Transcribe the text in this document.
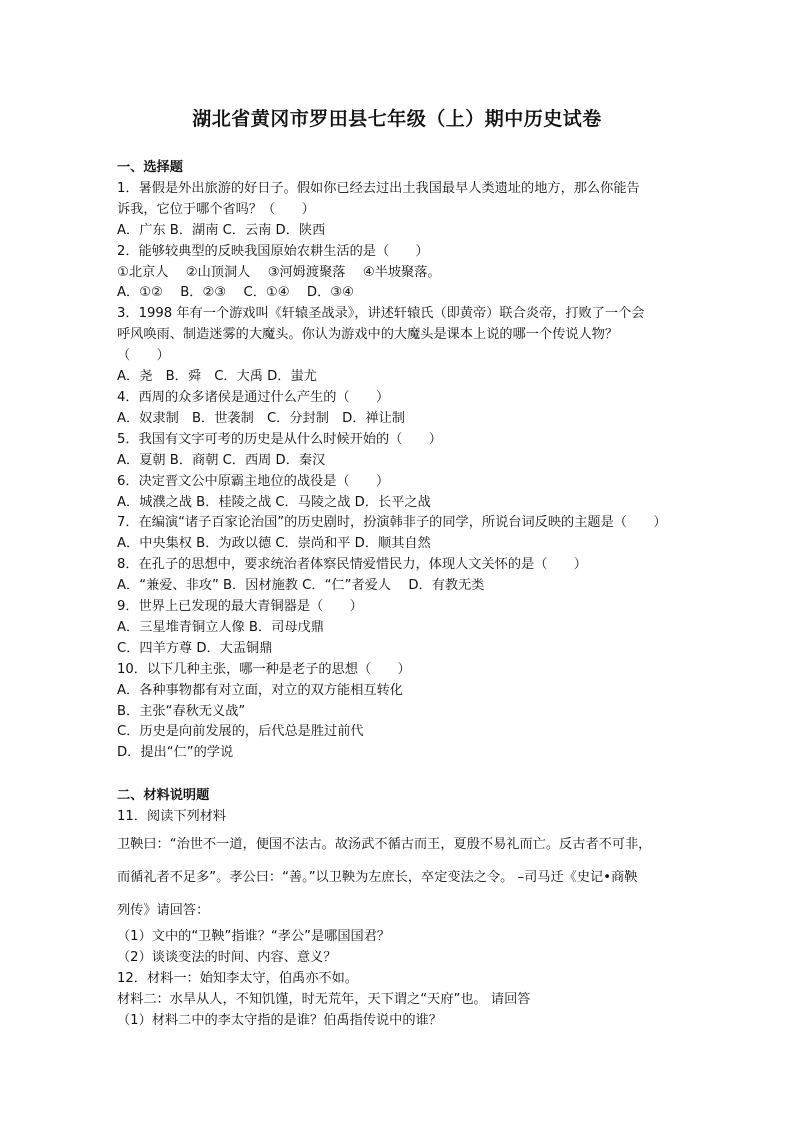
湖北省黄冈市罗田县七年级（上）期中历史试卷
一、选择题
1．暑假是外出旅游的好日子。假如你已经去过出土我国最早人类遗址的地方，那么你能告
诉我，它位于哪个省吗？（　　）
A．广东 B．湖南 C．云南 D．陕西
2．能够较典型的反映我国原始农耕生活的是（　　）
①北京人　 ②山顶洞人　 ③河姆渡聚落　 ④半坡聚落。
A．①②　 B．②③　 C．①④　 D．③④
3．1998 年有一个游戏叫《轩辕圣战录》，讲述轩辕氏（即黄帝）联合炎帝，打败了一个会
呼风唤雨、制造迷雾的大魔头。你认为游戏中的大魔头是课本上说的哪一个传说人物？
（　　）
A．尧　B．舜　C．大禹 D．蚩尤
4．西周的众多诸侯是通过什么产生的（　　）
A．奴隶制　B．世袭制　C．分封制　D．禅让制
5．我国有文字可考的历史是从什么时候开始的（　　）
A．夏朝 B．商朝 C．西周 D．秦汉
6．决定晋文公中原霸主地位的战役是（　　）
A．城濮之战 B．桂陵之战 C．马陵之战 D．长平之战
7．在编演“诸子百家论治国”的历史剧时，扮演韩非子的同学，所说台词反映的主题是（　　）
A．中央集权 B．为政以德 C．崇尚和平 D．顺其自然
8．在孔子的思想中，要求统治者体察民情爱惜民力，体现人文关怀的是（　　）
A．“兼爱、非攻” B．因材施教 C．“仁”者爱人　 D．有教无类
9．世界上已发现的最大青铜器是（　　）
A．三星堆青铜立人像 B．司母戊鼎
C．四羊方尊 D．大盂铜鼎
10．以下几种主张，哪一种是老子的思想（　　）
A．各种事物都有对立面，对立的双方能相互转化
B．主张“春秋无义战”
C．历史是向前发展的，后代总是胜过前代
D．提出“仁”的学说
二、材料说明题
11．阅读下列材料
卫鞅曰：“治世不一道，便国不法古。故汤武不循古而王，夏殷不易礼而亡。反古者不可非，
而循礼者不足多”。孝公曰：“善。”以卫鞅为左庶长，卒定变法之令。 –司马迁《史记•商鞅
列传》请回答：
（1）文中的“卫鞅”指谁？“孝公”是哪国国君？
（2）谈谈变法的时间、内容、意义？
12．材料一：始知李太守，伯禹亦不如。
材料二：水旱从人，不知饥馑，时无荒年，天下谓之“天府”也。 请回答
（1）材料二中的李太守指的是谁？伯禹指传说中的谁？
